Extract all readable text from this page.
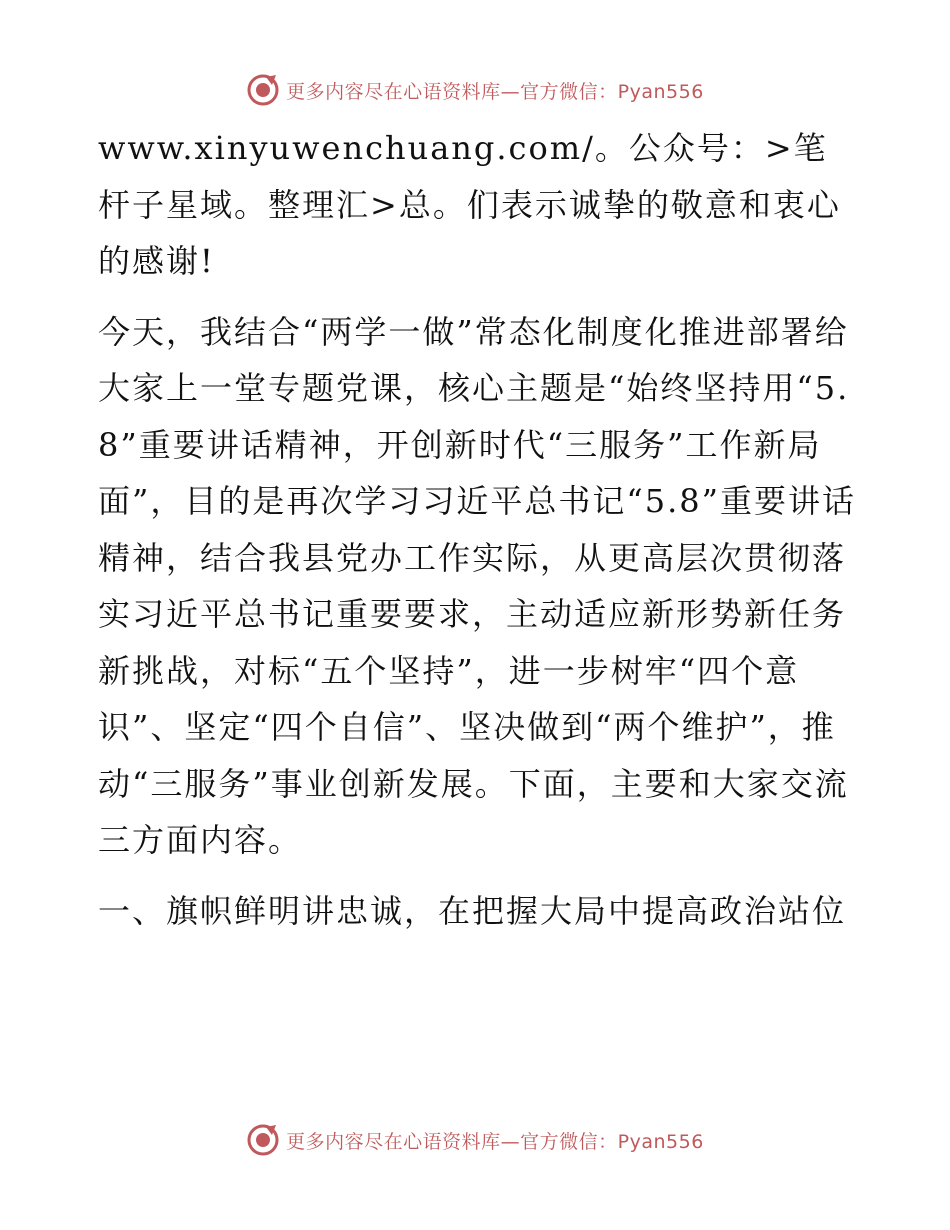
更多内容尽在心语资料库—官方微信：Pyan556

www.xinyuwenchuang.com/。公众号：>笔杆子星域。整理汇>总。们表示诚挚的敬意和衷心的感谢!

今天，我结合“两学一做”常态化制度化推进部署给大家上一堂专题党课，核心主题是“始终坚持用“5.8”重要讲话精神，开创新时代“三服务”工作新局面”，目的是再次学习习近平总书记“5.8”重要讲话精神，结合我县党办工作实际，从更高层次贯彻落实习近平总书记重要要求，主动适应新形势新任务新挑战，对标“五个坚持”，进一步树牢“四个意识”、坚定“四个自信”、坚决做到“两个维护”，推动“三服务”事业创新发展。下面，主要和大家交流三方面内容。

一、旗帜鲜明讲忠诚，在把握大局中提高政治站位
更多内容尽在心语资料库—官方微信：Pyan556
